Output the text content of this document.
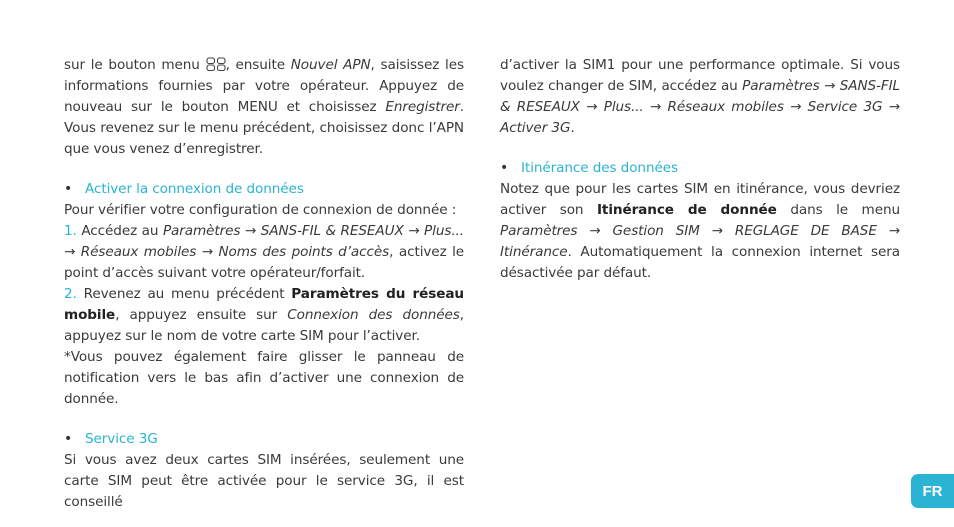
sur le bouton menu , ensuite Nouvel APN, saisissez les informations fournies par votre opérateur. Appuyez de nouveau sur le bouton MENU et choisissez Enregistrer. Vous revenez sur le menu précédent, choisissez donc l’APN que vous venez d’enregistrer.

•
Activer la connexion de données

Pour vérifier votre configuration de connexion de donnée :

1. Accédez au Paramètres → SANS-FIL & RESEAUX → Plus... → Réseaux mobiles → Noms des points d’accès, activez le point d’accès suivant votre opérateur/forfait.

2. Revenez au menu précédent Paramètres du réseau mobile, appuyez ensuite sur Connexion des données, appuyez sur le nom de votre carte SIM pour l’activer.

*Vous pouvez également faire glisser le panneau de notification vers le bas afin d’activer une connexion de donnée.

•
Service 3G

Si vous avez deux cartes SIM insérées, seulement une carte SIM peut être activée pour le service 3G, il est conseillé

d’activer la SIM1 pour une performance optimale. Si vous voulez changer de SIM, accédez au Paramètres → SANS-FIL & RESEAUX → Plus... → Réseaux mobiles → Service 3G → Activer 3G.

•
Itinérance des données

Notez que pour les cartes SIM en itinérance, vous devriez activer son Itinérance de donnée dans le menu Paramètres → Gestion SIM → REGLAGE DE BASE → Itinérance. Automatiquement la connexion internet sera désactivée par défaut.

FR
